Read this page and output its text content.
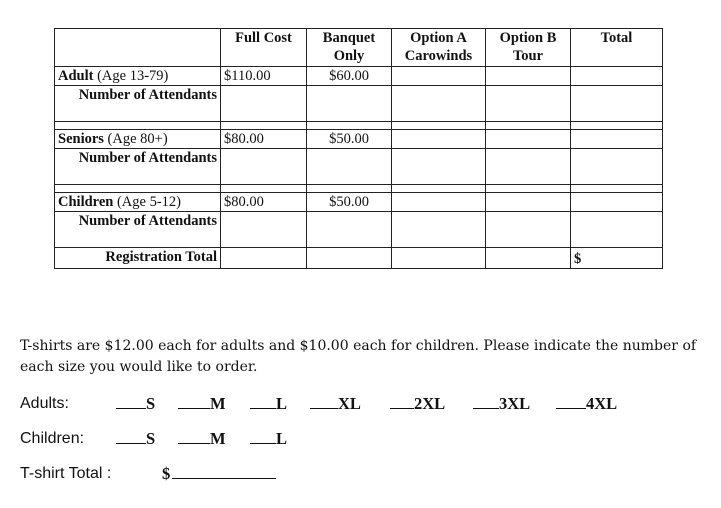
	Full Cost	Banquet Only	Option A Carowinds	Option B Tour	Total
Adult (Age 13-79)	$110.00	$60.00			
Number of Attendants					

Seniors (Age 80+)	$80.00	$50.00			
Number of Attendants					

Children (Age 5-12)	$80.00	$50.00			
Number of Attendants					
Registration Total					$
T-shirts are $12.00 each for adults and $10.00 each for children. Please indicate the number of each size you would like to order.
Adults:	S	M	L	XL	2XL	3XL	4XL
Children:	S	M	L
T-shirt Total :	$
